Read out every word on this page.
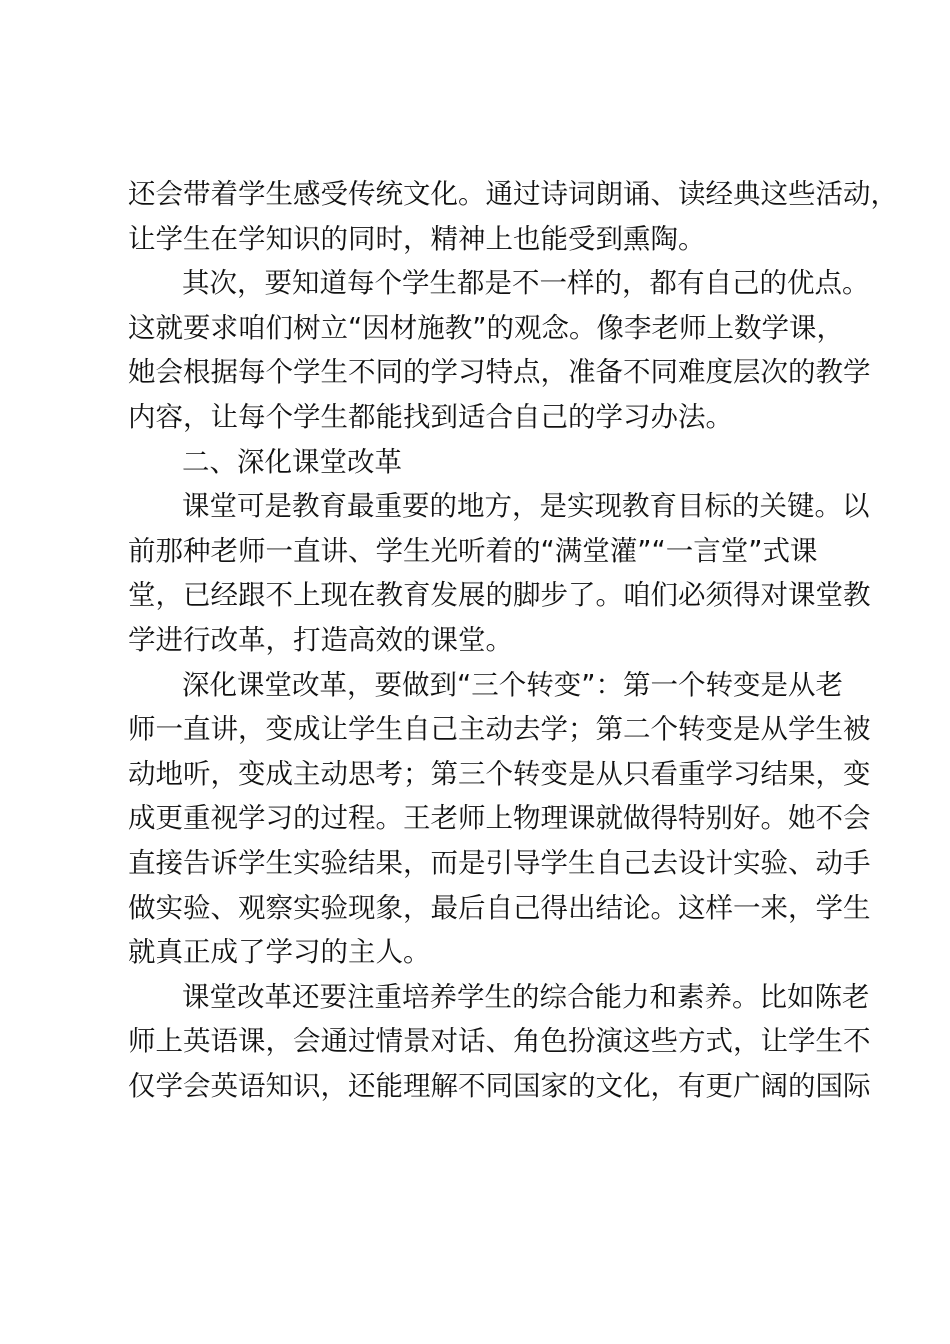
还会带着学生感受传统文化。通过诗词朗诵、读经典这些活动，
让学生在学知识的同时，精神上也能受到熏陶。
其次，要知道每个学生都是不一样的，都有自己的优点。
这就要求咱们树立“因材施教”的观念。像李老师上数学课，
她会根据每个学生不同的学习特点，准备不同难度层次的教学
内容，让每个学生都能找到适合自己的学习办法。
二、深化课堂改革
课堂可是教育最重要的地方，是实现教育目标的关键。以
前那种老师一直讲、学生光听着的“满堂灌”“一言堂”式课
堂，已经跟不上现在教育发展的脚步了。咱们必须得对课堂教
学进行改革，打造高效的课堂。
深化课堂改革，要做到“三个转变”：第一个转变是从老
师一直讲，变成让学生自己主动去学；第二个转变是从学生被
动地听，变成主动思考；第三个转变是从只看重学习结果，变
成更重视学习的过程。王老师上物理课就做得特别好。她不会
直接告诉学生实验结果，而是引导学生自己去设计实验、动手
做实验、观察实验现象，最后自己得出结论。这样一来，学生
就真正成了学习的主人。
课堂改革还要注重培养学生的综合能力和素养。比如陈老
师上英语课，会通过情景对话、角色扮演这些方式，让学生不
仅学会英语知识，还能理解不同国家的文化，有更广阔的国际
